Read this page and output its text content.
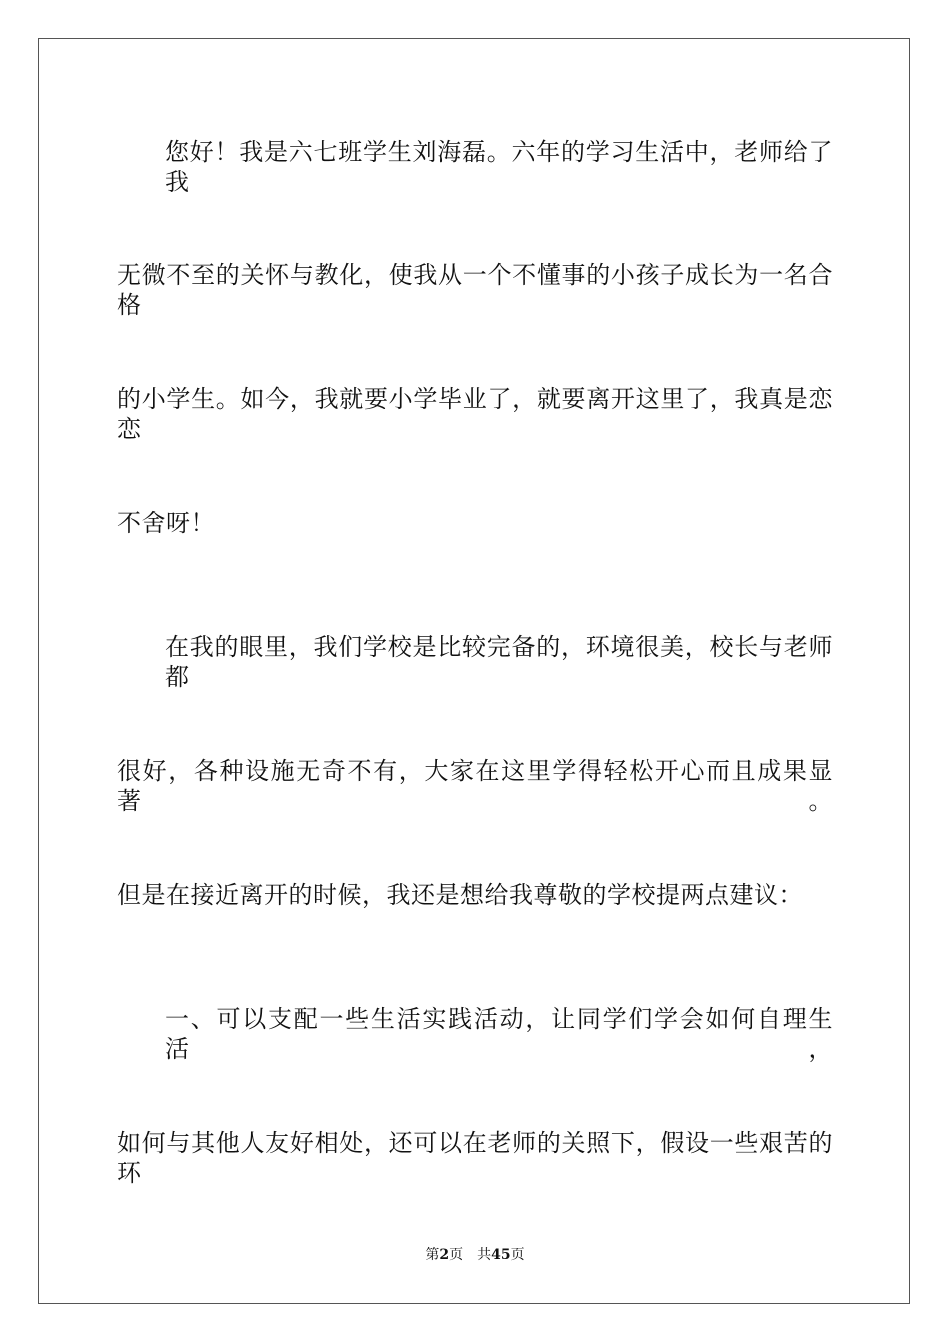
您好！我是六七班学生刘海磊。六年的学习生活中，老师给了我
无微不至的关怀与教化，使我从一个不懂事的小孩子成长为一名合格
的小学生。如今，我就要小学毕业了，就要离开这里了，我真是恋恋
不舍呀！
在我的眼里，我们学校是比较完备的，环境很美，校长与老师都
很好，各种设施无奇不有，大家在这里学得轻松开心而且成果显著。
但是在接近离开的时候，我还是想给我尊敬的学校提两点建议：
一、可以支配一些生活实践活动，让同学们学会如何自理生活，
如何与其他人友好相处，还可以在老师的关照下，假设一些艰苦的环
第2页 共45页
